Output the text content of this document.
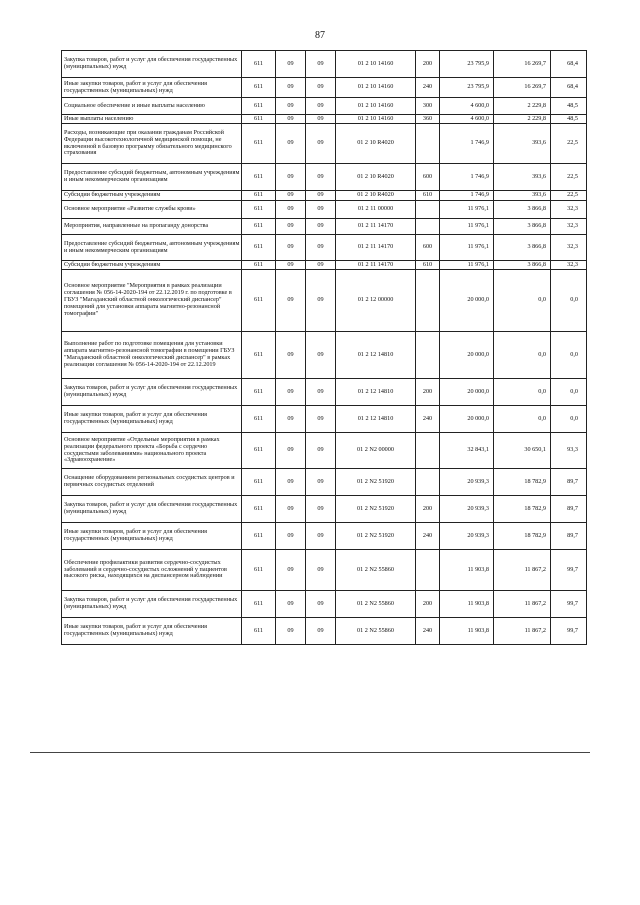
87
Закупка товаров, работ и услуг для обеспечения государственных (муниципальных) нужд	611	09	09	01 2 10 14160	200	23 795,9	16 269,7	68,4
Иные закупки товаров, работ и услуг для обеспечения государственных (муниципальных) нужд	611	09	09	01 2 10 14160	240	23 795,9	16 269,7	68,4
Социальное обеспечение и иные выплаты населению	611	09	09	01 2 10 14160	300	4 600,0	2 229,8	48,5
Иные выплаты населению	611	09	09	01 2 10 14160	360	4 600,0	2 229,8	48,5
Расходы, возникающие при оказании гражданам Российской Федерации высокотехнологичной медицинской помощи, не включенной в базовую программу обязательного медицинского страхования	611	09	09	01 2 10 R4020		1 746,9	393,6	22,5
Предоставление субсидий бюджетным, автономным учреждениям и иным некоммерческим организациям	611	09	09	01 2 10 R4020	600	1 746,9	393,6	22,5
Субсидии бюджетным учреждениям	611	09	09	01 2 10 R4020	610	1 746,9	393,6	22,5
Основное мероприятие «Развитие службы крови»	611	09	09	01 2 11 00000		11 976,1	3 866,8	32,3
Мероприятия, направленные на пропаганду донорства	611	09	09	01 2 11 14170		11 976,1	3 866,8	32,3
Предоставление субсидий бюджетным, автономным учреждениям и иным некоммерческим организациям	611	09	09	01 2 11 14170	600	11 976,1	3 866,8	32,3
Субсидии бюджетным учреждениям	611	09	09	01 2 11 14170	610	11 976,1	3 866,8	32,3
Основное мероприятие "Мероприятия в рамках реализации соглашения № 056-14-2020-194 от 22.12.2019 г. по подготовке в ГБУЗ "Магаданский областной онкологический диспансер" помещений для установки аппарата магнитно-резонансной томографии"	611	09	09	01 2 12 00000		20 000,0	0,0	0,0
Выполнение работ по подготовке помещения для установки аппарата магнитно-резонансной томографии в помещении ГБУЗ "Магаданский областной онкологический диспансер" в рамках реализации соглашения № 056-14-2020-194 от 22.12.2019	611	09	09	01 2 12 14810		20 000,0	0,0	0,0
Закупка товаров, работ и услуг для обеспечения государственных (муниципальных) нужд	611	09	09	01 2 12 14810	200	20 000,0	0,0	0,0
Иные закупки товаров, работ и услуг для обеспечения государственных (муниципальных) нужд	611	09	09	01 2 12 14810	240	20 000,0	0,0	0,0
Основное мероприятие «Отдельные мероприятия в рамках реализации федерального проекта «Борьба с сердечно сосудистыми заболеваниями» национального проекта «Здравоохранение»	611	09	09	01 2 N2 00000		32 843,1	30 650,1	93,3
Оснащение оборудованием региональных сосудистых центров и первичных сосудистых отделений	611	09	09	01 2 N2 51920		20 939,3	18 782,9	89,7
Закупка товаров, работ и услуг для обеспечения государственных (муниципальных) нужд	611	09	09	01 2 N2 51920	200	20 939,3	18 782,9	89,7
Иные закупки товаров, работ и услуг для обеспечения государственных (муниципальных) нужд	611	09	09	01 2 N2 51920	240	20 939,3	18 782,9	89,7
Обеспечение профилактики развития сердечно-сосудистых заболеваний и сердечно-сосудистых осложнений у пациентов высокого риска, находящихся на диспансерном наблюдении	611	09	09	01 2 N2 55860		11 903,8	11 867,2	99,7
Закупка товаров, работ и услуг для обеспечения государственных (муниципальных) нужд	611	09	09	01 2 N2 55860	200	11 903,8	11 867,2	99,7
Иные закупки товаров, работ и услуг для обеспечения государственных (муниципальных) нужд	611	09	09	01 2 N2 55860	240	11 903,8	11 867,2	99,7
